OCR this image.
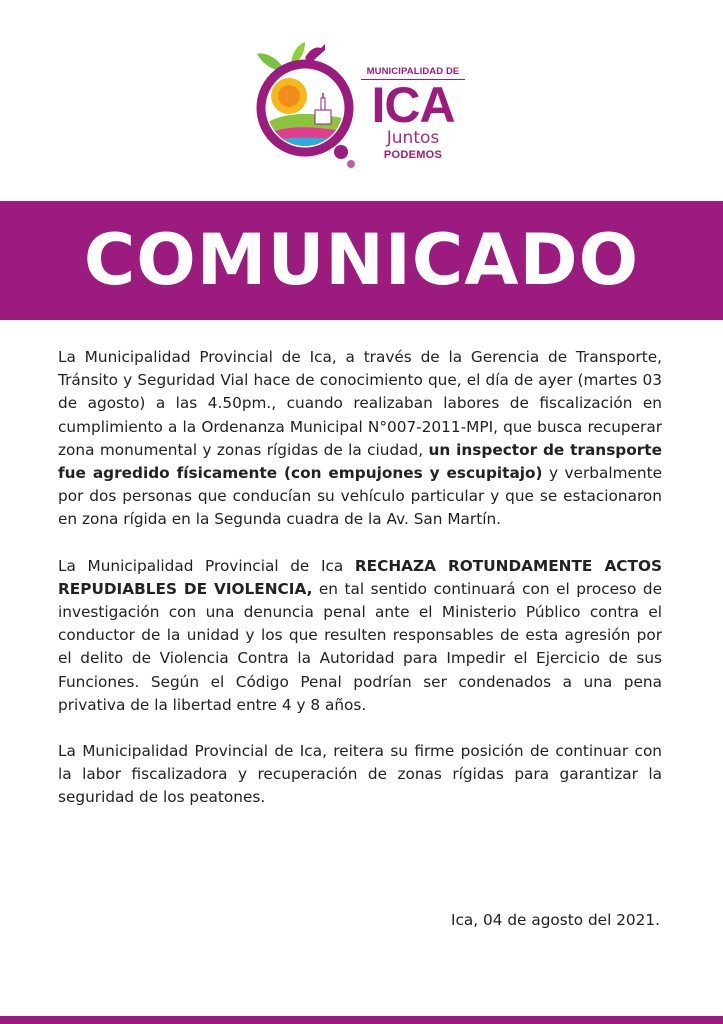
MUNICIPALIDAD DE
ICA
Juntos
PODEMOS
COMUNICADO

La Municipalidad Provincial de Ica, a través de la Gerencia de Transporte, Tránsito y Seguridad Vial hace de conocimiento que, el día de ayer (martes 03 de agosto) a las 4.50pm., cuando realizaban labores de fiscalización en cumplimiento a la Ordenanza Municipal N°007-2011-MPI, que busca recuperar zona monumental y zonas rígidas de la ciudad, un inspector de transporte fue agredido físicamente (con empujones y escupitajo) y verbalmente por dos personas que conducían su vehículo particular y que se estacionaron en zona rígida en la Segunda cuadra de la Av. San Martín.

La Municipalidad Provincial de Ica RECHAZA ROTUNDAMENTE ACTOS REPUDIABLES DE VIOLENCIA, en tal sentido continuará con el proceso de investigación con una denuncia penal ante el Ministerio Público contra el conductor de la unidad y los que resulten responsables de esta agresión por el delito de Violencia Contra la Autoridad para Impedir el Ejercicio de sus Funciones. Según el Código Penal podrían ser condenados a una pena privativa de la libertad entre 4 y 8 años.

La Municipalidad Provincial de Ica, reitera su firme posición de continuar con la labor fiscalizadora y recuperación de zonas rígidas para garantizar la seguridad de los peatones.

Ica, 04 de agosto del 2021.
